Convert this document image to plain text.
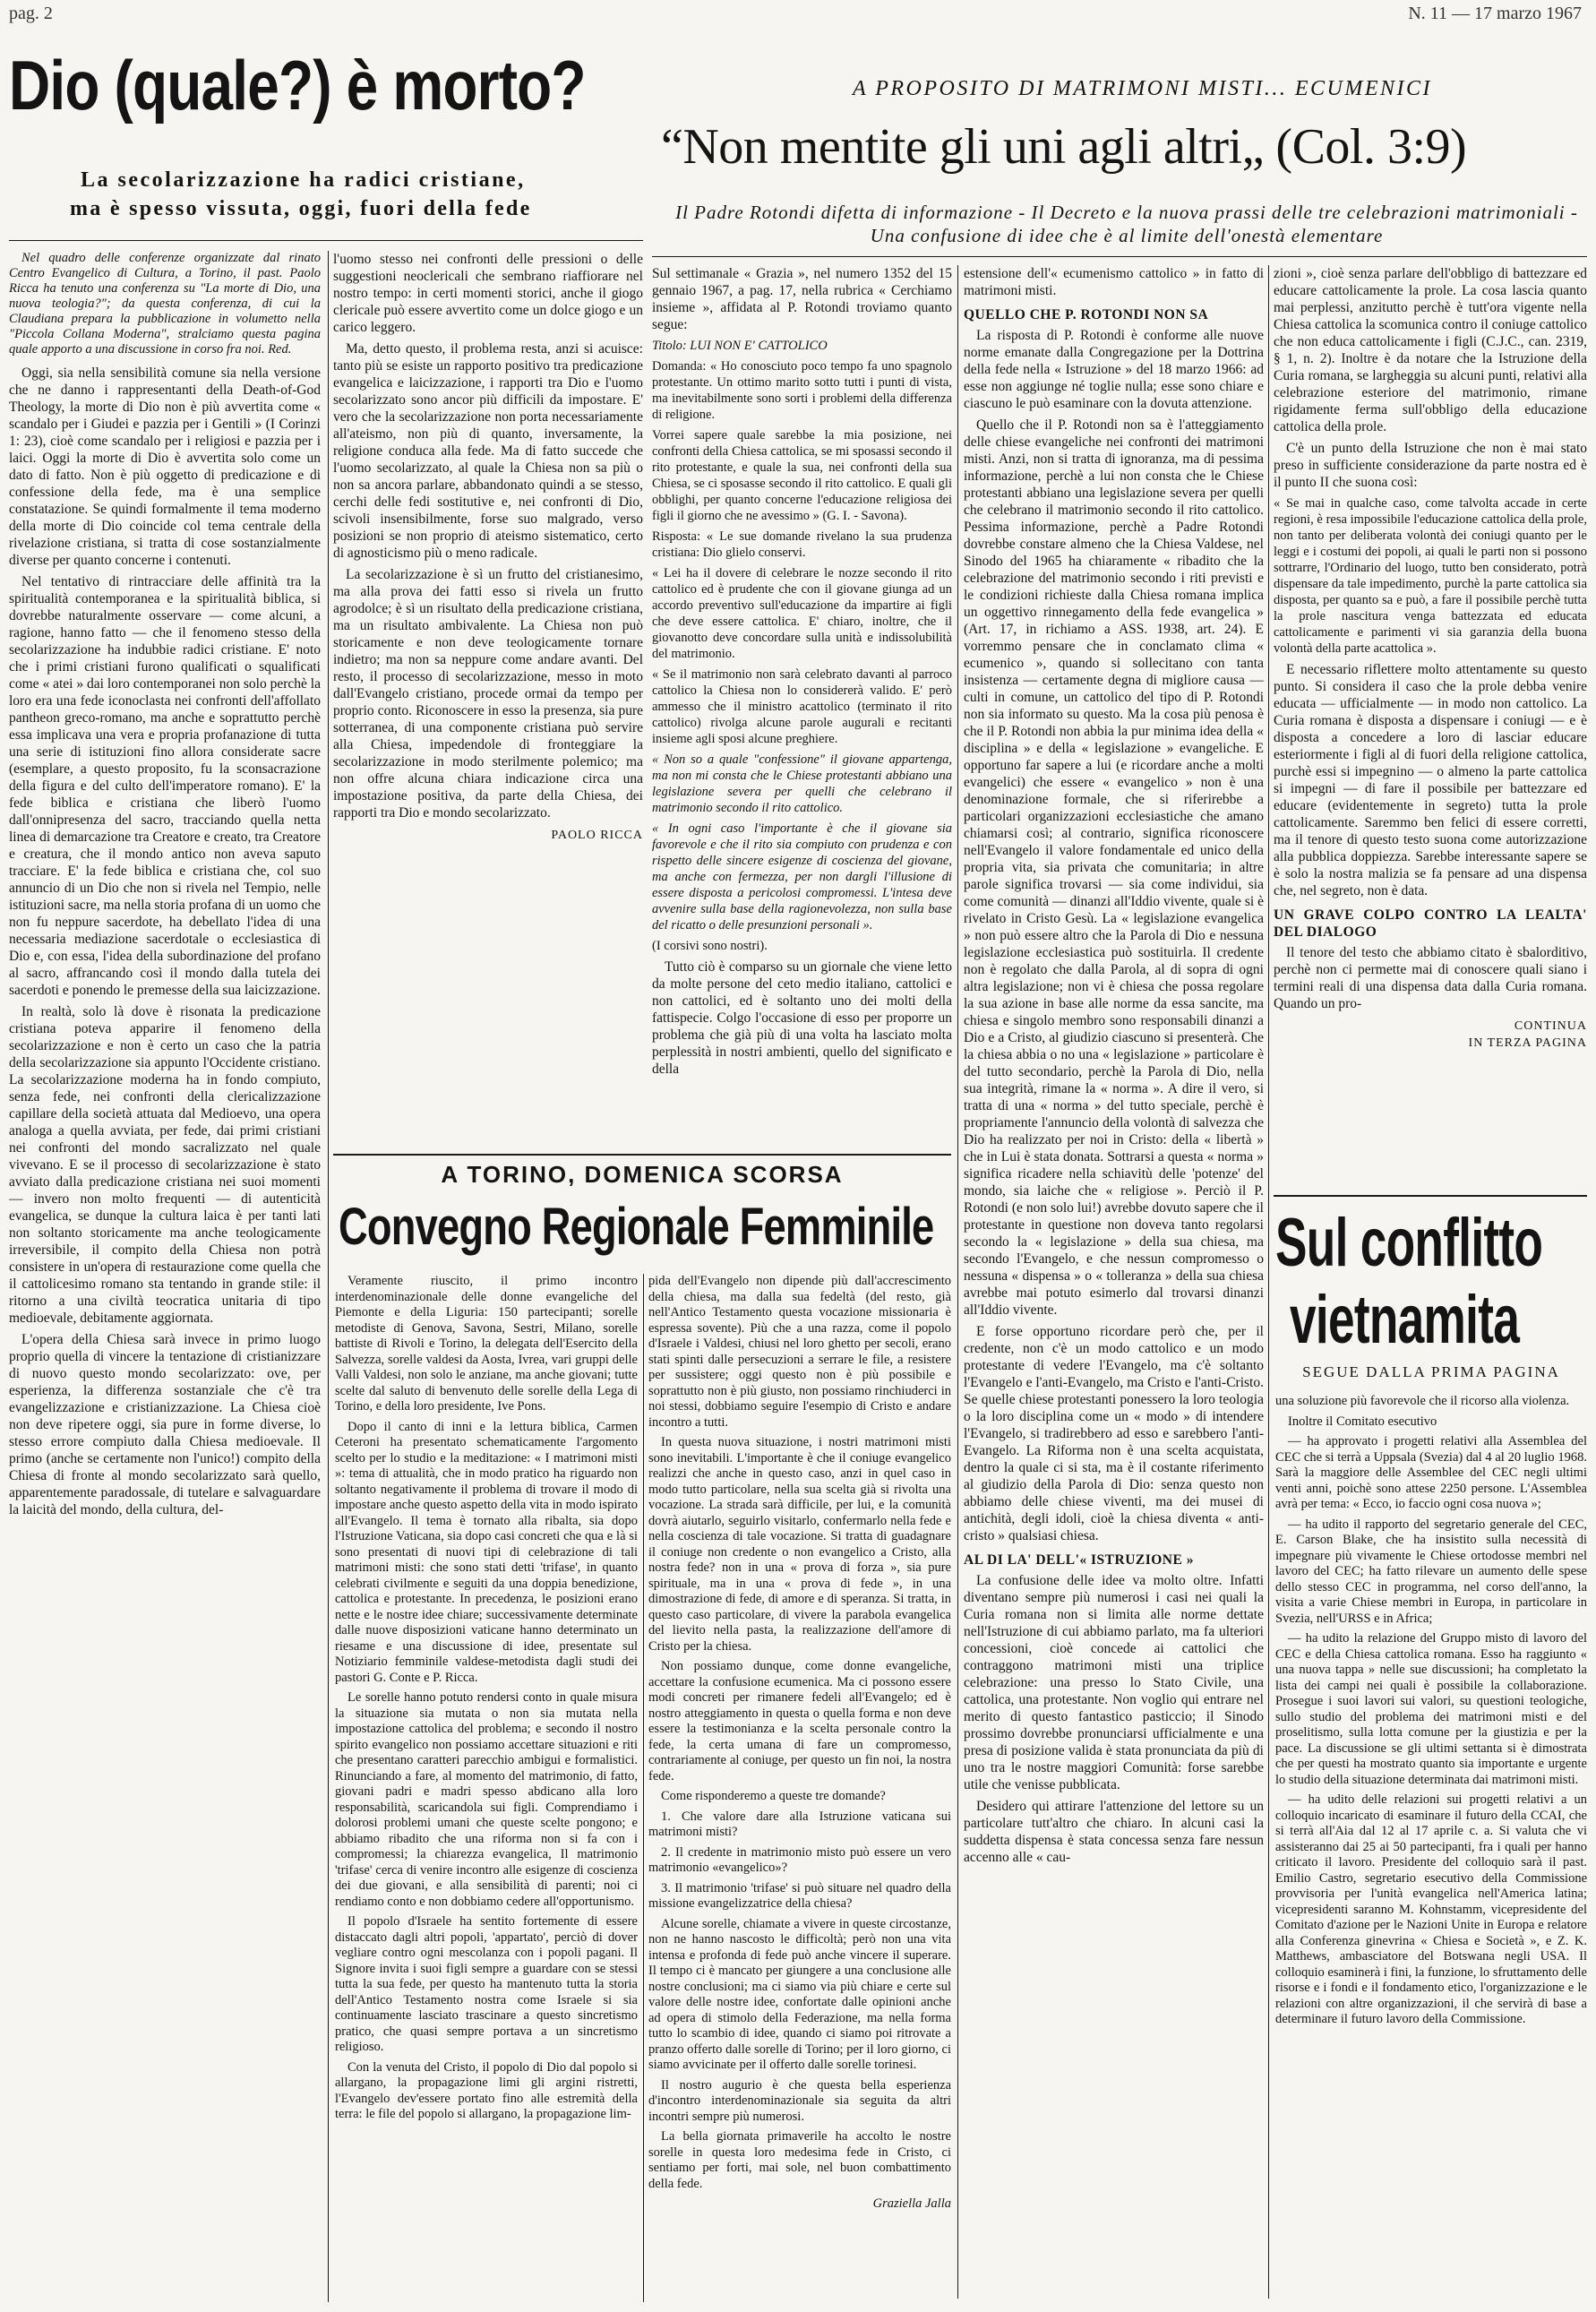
pag. 2	N. 11 — 17 marzo 1967
Dio (quale?) è morto?
La secolarizzazione ha radici cristiane,
ma è spesso vissuta, oggi, fuori della fede
Nel quadro delle conferenze organizzate dal rinato Centro Evangelico di Cultura, a Torino, il past. Paolo Ricca ha tenuto una conferenza su "La morte di Dio, una nuova teologia?"; da questa conferenza, di cui la Claudiana prepara la pubblicazione in volumetto nella "Piccola Collana Moderna", stralciamo questa pagina quale apporto a una discussione in corso fra noi. Red.

Oggi, sia nella sensibilità comune sia nella versione che ne danno i rappresentanti della Death-of-God Theology, la morte di Dio non è più avvertita come « scandalo per i Giudei e pazzia per i Gentili » (I Corinzi 1: 23), cioè come scandalo per i religiosi e pazzia per i laici. Oggi la morte di Dio è avvertita solo come un dato di fatto. Non è più oggetto di predicazione e di confessione della fede, ma è una semplice constatazione. Se quindi formalmente il tema moderno della morte di Dio coincide col tema centrale della rivelazione cristiana, si tratta di cose sostanzialmente diverse per quanto concerne i contenuti.

Nel tentativo di rintracciare delle affinità tra la spiritualità contemporanea e la spiritualità biblica, si dovrebbe naturalmente osservare — come alcuni, a ragione, hanno fatto — che il fenomeno stesso della secolarizzazione ha indubbie radici cristiane. E' noto che i primi cristiani furono qualificati o squalificati come « atei » dai loro contemporanei non solo perchè la loro era una fede iconoclasta nei confronti dell'affollato pantheon greco-romano, ma anche e soprattutto perchè essa implicava una vera e propria profanazione di tutta una serie di istituzioni fino allora considerate sacre (esemplare, a questo proposito, fu la sconsacrazione della figura e del culto dell'imperatore romano). E' la fede biblica e cristiana che liberò l'uomo dall'onnipresenza del sacro, tracciando quella netta linea di demarcazione tra Creatore e creato, tra Creatore e creatura, che il mondo antico non aveva saputo tracciare. E' la fede biblica e cristiana che, col suo annuncio di un Dio che non si rivela nel Tempio, nelle istituzioni sacre, ma nella storia profana di un uomo che non fu neppure sacerdote, ha debellato l'idea di una necessaria mediazione sacerdotale o ecclesiastica di Dio e, con essa, l'idea della subordinazione del profano al sacro, affrancando così il mondo dalla tutela dei sacerdoti e ponendo le premesse della sua laicizzazione.

In realtà, solo là dove è risonata la predicazione cristiana poteva apparire il fenomeno della secolarizzazione e non è certo un caso che la patria della secolarizzazione sia appunto l'Occidente cristiano. La secolarizzazione moderna ha in fondo compiuto, senza fede, nei confronti della clericalizzazione capillare della società attuata dal Medioevo, una opera analoga a quella avviata, per fede, dai primi cristiani nei confronti del mondo sacralizzato nel quale vivevano. E se il processo di secolarizzazione è stato avviato dalla predicazione cristiana nei suoi momenti — invero non molto frequenti — di autenticità evangelica, se dunque la cultura laica è per tanti lati non soltanto storicamente ma anche teologicamente irreversibile, il compito della Chiesa non potrà consistere in un'opera di restaurazione come quella che il cattolicesimo romano sta tentando in grande stile: il ritorno a una civiltà teocratica unitaria di tipo medioevale, debitamente aggiornata.

L'opera della Chiesa sarà invece in primo luogo proprio quella di vincere la tentazione di cristianizzare di nuovo questo mondo secolarizzato: ove, per esperienza, la differenza sostanziale che c'è tra evangelizzazione e cristianizzazione. La Chiesa cioè non deve ripetere oggi, sia pure in forme diverse, lo stesso errore compiuto dalla Chiesa medioevale. Il primo (anche se certamente non l'unico!) compito della Chiesa di fronte al mondo secolarizzato sarà quello, apparentemente paradossale, di tutelare e salvaguardare la laicità del mondo, della cultura, del-

l'uomo stesso nei confronti delle pressioni o delle suggestioni neoclericali che sembrano riaffiorare nel nostro tempo: in certi momenti storici, anche il giogo clericale può essere avvertito come un dolce giogo e un carico leggero.

Ma, detto questo, il problema resta, anzi si acuisce: tanto più se esiste un rapporto positivo tra predicazione evangelica e laicizzazione, i rapporti tra Dio e l'uomo secolarizzato sono ancor più difficili da impostare. E' vero che la secolarizzazione non porta necessariamente all'ateismo, non più di quanto, inversamente, la religione conduca alla fede. Ma di fatto succede che l'uomo secolarizzato, al quale la Chiesa non sa più o non sa ancora parlare, abbandonato quindi a se stesso, cerchi delle fedi sostitutive e, nei confronti di Dio, scivoli insensibilmente, forse suo malgrado, verso posizioni se non proprio di ateismo sistematico, certo di agnosticismo più o meno radicale.

La secolarizzazione è sì un frutto del cristianesimo, ma alla prova dei fatti esso si rivela un frutto agrodolce; è sì un risultato della predicazione cristiana, ma un risultato ambivalente. La Chiesa non può storicamente e non deve teologicamente tornare indietro; ma non sa neppure come andare avanti. Del resto, il processo di secolarizzazione, messo in moto dall'Evangelo cristiano, procede ormai da tempo per proprio conto. Riconoscere in esso la presenza, sia pure sotterranea, di una componente cristiana può servire alla Chiesa, impedendole di fronteggiare la secolarizzazione in modo sterilmente polemico; ma non offre alcuna chiara indicazione circa una impostazione positiva, da parte della Chiesa, dei rapporti tra Dio e mondo secolarizzato.

PAOLO RICCA
A PROPOSITO DI MATRIMONI MISTI... ECUMENICI
“Non mentite gli uni agli altri„ (Col. 3:9)
Il Padre Rotondi difetta di informazione - Il Decreto e la nuova prassi delle tre celebrazioni matrimoniali - Una confusione di idee che è al limite dell'onestà elementare

Sul settimanale « Grazia », nel numero 1352 del 15 gennaio 1967, a pag. 17, nella rubrica « Cerchiamo insieme », affidata al P. Rotondi troviamo quanto segue:

Titolo: LUI NON E' CATTOLICO
Domanda: « Ho conosciuto poco tempo fa uno spagnolo protestante. Un ottimo marito sotto tutti i punti di vista, ma inevitabilmente sono sorti i problemi della differenza di religione.
Vorrei sapere quale sarebbe la mia posizione, nei confronti della Chiesa cattolica, se mi sposassi secondo il rito protestante, e quale la sua, nei confronti della sua Chiesa, se ci sposasse secondo il rito cattolico. E quali gli obblighi, per quanto concerne l'educazione religiosa dei figli il giorno che ne avessimo » (G. I. - Savona).
Risposta: « Le sue domande rivelano la sua prudenza cristiana: Dio glielo conservi.
« Lei ha il dovere di celebrare le nozze secondo il rito cattolico ed è prudente che con il giovane giunga ad un accordo preventivo sull'educazione da impartire ai figli che deve essere cattolica. E' chiaro, inoltre, che il giovanotto deve concordare sulla unità e indissolubilità del matrimonio.
« Se il matrimonio non sarà celebrato davanti al parroco cattolico la Chiesa non lo considererà valido. E' però ammesso che il ministro acattolico (terminato il rito cattolico) rivolga alcune parole augurali e recitanti insieme agli sposi alcune preghiere.
« Non so a quale "confessione" il giovane appartenga, ma non mi consta che le Chiese protestanti abbiano una legislazione severa per quelli che celebrano il matrimonio secondo il rito cattolico.
« In ogni caso l'importante è che il giovane sia favorevole e che il rito sia compiuto con prudenza e con rispetto delle sincere esigenze di coscienza del giovane, ma anche con fermezza, per non dargli l'illusione di essere disposta a pericolosi compromessi. L'intesa deve avvenire sulla base della ragionevolezza, non sulla base del ricatto o delle presunzioni personali ».
(I corsivi sono nostri).

Tutto ciò è comparso su un giornale che viene letto da molte persone del ceto medio italiano, cattolici e non cattolici, ed è soltanto uno dei molti della fattispecie. Colgo l'occasione di esso per proporre un problema che già più di una volta ha lasciato molta perplessità in nostri ambienti, quello del significato e della

estensione dell'« ecumenismo cattolico » in fatto di matrimoni misti.

QUELLO CHE P. ROTONDI NON SA

La risposta di P. Rotondi è conforme alle nuove norme emanate dalla Congregazione per la Dottrina della fede nella « Istruzione » del 18 marzo 1966: ad esse non aggiunge né toglie nulla; esse sono chiare e ciascuno le può esaminare con la dovuta attenzione.

Quello che il P. Rotondi non sa è l'atteggiamento delle chiese evangeliche nei confronti dei matrimoni misti. Anzi, non si tratta di ignoranza, ma di pessima informazione, perchè a lui non consta che le Chiese protestanti abbiano una legislazione severa per quelli che celebrano il matrimonio secondo il rito cattolico. Pessima informazione, perchè a Padre Rotondi dovrebbe constare almeno che la Chiesa Valdese, nel Sinodo del 1965 ha chiaramente « ribadito che la celebrazione del matrimonio secondo i riti previsti e le condizioni richieste dalla Chiesa romana implica un oggettivo rinnegamento della fede evangelica » (Art. 17, in richiamo a ASS. 1938, art. 24). E vorremmo pensare che in conclamato clima « ecumenico », quando si sollecitano con tanta insistenza — certamente degna di migliore causa — culti in comune, un cattolico del tipo di P. Rotondi non sia informato su questo. Ma la cosa più penosa è che il P. Rotondi non abbia la pur minima idea della « disciplina » e della « legislazione » evangeliche. E opportuno far sapere a lui (e ricordare anche a molti evangelici) che essere « evangelico » non è una denominazione formale, che si riferirebbe a particolari organizzazioni ecclesiastiche che amano chiamarsi così; al contrario, significa riconoscere nell'Evangelo il valore fondamentale ed unico della propria vita, sia privata che comunitaria; in altre parole significa trovarsi — sia come individui, sia come comunità — dinanzi all'Iddio vivente, quale si è rivelato in Cristo Gesù. La « legislazione evangelica » non può essere altro che la Parola di Dio e nessuna legislazione ecclesiastica può sostituirla. Il credente non è regolato che dalla Parola, al di sopra di ogni altra legislazione; non vi è chiesa che possa regolare la sua azione in base alle norme da essa sancite, ma chiesa e singolo membro sono responsabili dinanzi a Dio e a Cristo, al giudizio ciascuno si presenterà. Che la chiesa abbia o no una « legislazione » particolare è del tutto secondario, perchè la Parola di Dio, nella sua integrità, rimane la « norma ». A dire il vero, si tratta di una « norma » del tutto speciale, perchè è propriamente l'annuncio della volontà di salvezza che Dio ha realizzato per noi in Cristo: della « libertà » che in Lui è stata donata. Sottrarsi a questa « norma » significa ricadere nella schiavitù delle 'potenze' del mondo, sia laiche che « religiose ». Perciò il P. Rotondi (e non solo lui!) avrebbe dovuto sapere che il protestante in questione non doveva tanto regolarsi secondo la « legislazione » della sua chiesa, ma secondo l'Evangelo, e che nessun compromesso o nessuna « dispensa » o « tolleranza » della sua chiesa avrebbe mai potuto esimerlo dal trovarsi dinanzi all'Iddio vivente.

E forse opportuno ricordare però che, per il credente, non c'è un modo cattolico e un modo protestante di vedere l'Evangelo, ma c'è soltanto l'Evangelo e l'anti-Evangelo, ma Cristo e l'anti-Cristo. Se quelle chiese protestanti ponessero la loro teologia o la loro disciplina come un « modo » di intendere l'Evangelo, si tradirebbero ad esso e sarebbero l'anti-Evangelo. La Riforma non è una scelta acquistata, dentro la quale ci si sta, ma è il costante riferimento al giudizio della Parola di Dio: senza questo non abbiamo delle chiese viventi, ma dei musei di antichità, degli idoli, cioè la chiesa diventa « anti-cristo » qualsiasi chiesa.

AL DI LA' DELL'« ISTRUZIONE »

La confusione delle idee va molto oltre. Infatti diventano sempre più numerosi i casi nei quali la Curia romana non si limita alle norme dettate nell'Istruzione di cui abbiamo parlato, ma fa ulteriori concessioni, cioè concede ai cattolici che contraggono matrimoni misti una triplice celebrazione: una presso lo Stato Civile, una cattolica, una protestante. Non voglio qui entrare nel merito di questo fantastico pasticcio; il Sinodo prossimo dovrebbe pronunciarsi ufficialmente e una presa di posizione valida è stata pronunciata da più di uno tra le nostre maggiori Comunità: forse sarebbe utile che venisse pubblicata.

Desidero qui attirare l'attenzione del lettore su un particolare tutt'altro che chiaro. In alcuni casi la suddetta dispensa è stata concessa senza fare nessun accenno alle « cau-

zioni », cioè senza parlare dell'obbligo di battezzare ed educare cattolicamente la prole. La cosa lascia quanto mai perplessi, anzitutto perchè è tutt'ora vigente nella Chiesa cattolica la scomunica contro il coniuge cattolico che non educa cattolicamente i figli (C.J.C., can. 2319, § 1, n. 2). Inoltre è da notare che la Istruzione della Curia romana, se largheggia su alcuni punti, relativi alla celebrazione esteriore del matrimonio, rimane rigidamente ferma sull'obbligo della educazione cattolica della prole.

C'è un punto della Istruzione che non è mai stato preso in sufficiente considerazione da parte nostra ed è il punto II che suona così:

« Se mai in qualche caso, come talvolta accade in certe regioni, è resa impossibile l'educazione cattolica della prole, non tanto per deliberata volontà dei coniugi quanto per le leggi e i costumi dei popoli, ai quali le parti non si possono sottrarre, l'Ordinario del luogo, tutto ben considerato, potrà dispensare da tale impedimento, purchè la parte cattolica sia disposta, per quanto sa e può, a fare il possibile perchè tutta la prole nascitura venga battezzata ed educata cattolicamente e parimenti vi sia garanzia della buona volontà della parte acattolica ».

E necessario riflettere molto attentamente su questo punto. Si considera il caso che la prole debba venire educata — ufficialmente — in modo non cattolico. La Curia romana è disposta a dispensare i coniugi — e è disposta a concedere a loro di lasciar educare esteriormente i figli al di fuori della religione cattolica, purchè essi si impegnino — o almeno la parte cattolica si impegni — di fare il possibile per battezzare ed educare (evidentemente in segreto) tutta la prole cattolicamente. Saremmo ben felici di essere corretti, ma il tenore di questo testo suona come autorizzazione alla pubblica doppiezza. Sarebbe interessante sapere se è solo la nostra malizia se fa pensare ad una dispensa che, nel segreto, non è data.

UN GRAVE COLPO CONTRO LA LEALTA' DEL DIALOGO

Il tenore del testo che abbiamo citato è sbalorditivo, perchè non ci permette mai di conoscere quali siano i termini reali di una dispensa data dalla Curia romana. Quando un pro-

CONTINUA
IN TERZA PAGINA
A TORINO, DOMENICA SCORSA
Convegno Regionale Femminile

Veramente riuscito, il primo incontro interdenominazionale delle donne evangeliche del Piemonte e della Liguria: 150 partecipanti; sorelle metodiste di Genova, Savona, Sestri, Milano, sorelle battiste di Rivoli e Torino, la delegata dell'Esercito della Salvezza, sorelle valdesi da Aosta, Ivrea, vari gruppi delle Valli Valdesi, non solo le anziane, ma anche giovani; tutte scelte dal saluto di benvenuto delle sorelle della Lega di Torino, e della loro presidente, Ive Pons.

Dopo il canto di inni e la lettura biblica, Carmen Ceteroni ha presentato schematicamente l'argomento scelto per lo studio e la meditazione: « I matrimoni misti »: tema di attualità, che in modo pratico ha riguardo non soltanto negativamente il problema di trovare il modo di impostare anche questo aspetto della vita in modo ispirato all'Evangelo. Il tema è tornato alla ribalta, sia dopo l'Istruzione Vaticana, sia dopo casi concreti che qua e là si sono presentati di nuovi tipi di celebrazione di tali matrimoni misti: che sono stati detti 'trifase', in quanto celebrati civilmente e seguiti da una doppia benedizione, cattolica e protestante. In precedenza, le posizioni erano nette e le nostre idee chiare; successivamente determinate dalle nuove disposizioni vaticane hanno determinato un riesame e una discussione di idee, presentate sul Notiziario femminile valdese-metodista dagli studi dei pastori G. Conte e P. Ricca.

Le sorelle hanno potuto rendersi conto in quale misura la situazione sia mutata o non sia mutata nella impostazione cattolica del problema; e secondo il nostro spirito evangelico non possiamo accettare situazioni e riti che presentano caratteri parecchio ambigui e formalistici. Rinunciando a fare, al momento del matrimonio, di fatto, giovani padri e madri spesso abdicano alla loro responsabilità, scaricandola sui figli. Comprendiamo i dolorosi problemi umani che queste scelte pongono; e abbiamo ribadito che una riforma non si fa con i compromessi; la chiarezza evangelica, Il matrimonio 'trifase' cerca di venire incontro alle esigenze di coscienza dei due giovani, e alla sensibilità di parenti; noi ci rendiamo conto e non dobbiamo cedere all'opportunismo.

Il popolo d'Israele ha sentito fortemente di essere distaccato dagli altri popoli, 'appartato', perciò di dover vegliare contro ogni mescolanza con i popoli pagani. Il Signore invita i suoi figli sempre a guardare con se stessi tutta la sua fede, per questo ha mantenuto tutta la storia dell'Antico Testamento nostra come Israele si sia continuamente lasciato trascinare a questo sincretismo pratico, che quasi sempre portava a un sincretismo religioso.

Con la venuta del Cristo, il popolo di Dio dal popolo si allargano, la propagazione limi gli argini ristretti, l'Evangelo dev'essere portato fino alle estremità della terra: le file del popolo si allargano, la propagazione lim-

pida dell'Evangelo non dipende più dall'accrescimento della chiesa, ma dalla sua fedeltà (del resto, già nell'Antico Testamento questa vocazione missionaria è espressa sovente). Più che a una razza, come il popolo d'Israele i Valdesi, chiusi nel loro ghetto per secoli, erano stati spinti dalle persecuzioni a serrare le file, a resistere per sussistere; oggi questo non è più possibile e soprattutto non è più giusto, non possiamo rinchiuderci in noi stessi, dobbiamo seguire l'esempio di Cristo e andare incontro a tutti.

In questa nuova situazione, i nostri matrimoni misti sono inevitabili. L'importante è che il coniuge evangelico realizzi che anche in questo caso, anzi in quel caso in modo tutto particolare, nella sua scelta già si rivolta una vocazione. La strada sarà difficile, per lui, e la comunità dovrà aiutarlo, seguirlo visitarlo, confermarlo nella fede e nella coscienza di tale vocazione. Si tratta di guadagnare il coniuge non credente o non evangelico a Cristo, alla nostra fede? non in una « prova di forza », sia pure spirituale, ma in una « prova di fede », in una dimostrazione di fede, di amore e di speranza. Si tratta, in questo caso particolare, di vivere la parabola evangelica del lievito nella pasta, la realizzazione dell'amore di Cristo per la chiesa.

Non possiamo dunque, come donne evangeliche, accettare la confusione ecumenica. Ma ci possono essere modi concreti per rimanere fedeli all'Evangelo; ed è nostro atteggiamento in questa o quella forma e non deve essere la testimonianza e la scelta personale contro la fede, la certa umana di fare un compromesso, contrariamente al coniuge, per questo un fin noi, la nostra fede.

Come risponderemo a queste tre domande?

1. Che valore dare alla Istruzione vaticana sui matrimoni misti?

2. Il credente in matrimonio misto può essere un vero matrimonio «evangelico»?

3. Il matrimonio 'trifase' si può situare nel quadro della missione evangelizzatrice della chiesa?

Alcune sorelle, chiamate a vivere in queste circostanze, non ne hanno nascosto le difficoltà; però non una vita intensa e profonda di fede può anche vincere il superare. Il tempo ci è mancato per giungere a una conclusione alle nostre conclusioni; ma ci siamo via più chiare e certe sul valore delle nostre idee, confortate dalle opinioni anche ad opera di stimolo della Federazione, ma nella forma tutto lo scambio di idee, quando ci siamo poi ritrovate a pranzo offerto dalle sorelle di Torino; per il loro giorno, ci siamo avvicinate per il offerto dalle sorelle torinesi.

Il nostro augurio è che questa bella esperienza d'incontro interdenominazionale sia seguita da altri incontri sempre più numerosi.

La bella giornata primaverile ha accolto le nostre sorelle in questa loro medesima fede in Cristo, ci sentiamo per forti, mai sole, nel buon combattimento della fede.

Graziella Jalla
Sul conflitto
vietnamita
SEGUE DALLA PRIMA PAGINA

una soluzione più favorevole che il ricorso alla violenza.

Inoltre il Comitato esecutivo

— ha approvato i progetti relativi alla Assemblea del CEC che si terrà a Uppsala (Svezia) dal 4 al 20 luglio 1968. Sarà la maggiore delle Assemblee del CEC negli ultimi venti anni, poichè sono attese 2250 persone. L'Assemblea avrà per tema: « Ecco, io faccio ogni cosa nuova »;

— ha udito il rapporto del segretario generale del CEC, E. Carson Blake, che ha insistito sulla necessità di impegnare più vivamente le Chiese ortodosse membri nel lavoro del CEC; ha fatto rilevare un aumento delle spese dello stesso CEC in programma, nel corso dell'anno, la visita a varie Chiese membri in Europa, in particolare in Svezia, nell'URSS e in Africa;

— ha udito la relazione del Gruppo misto di lavoro del CEC e della Chiesa cattolica romana. Esso ha raggiunto « una nuova tappa » nelle sue discussioni; ha completato la lista dei campi nei quali è possibile la collaborazione. Prosegue i suoi lavori sui valori, su questioni teologiche, sullo studio del problema dei matrimoni misti e del proselitismo, sulla lotta comune per la giustizia e per la pace. La discussione se gli ultimi settanta si è dimostrata che per questi ha mostrato quanto sia importante e urgente lo studio della situazione determinata dai matrimoni misti.

— ha udito delle relazioni sui progetti relativi a un colloquio incaricato di esaminare il futuro della CCAI, che si terrà all'Aia dal 12 al 17 aprile c. a. Si valuta che vi assisteranno dai 25 ai 50 partecipanti, fra i quali per hanno criticato il lavoro. Presidente del colloquio sarà il past. Emilio Castro, segretario esecutivo della Commissione provvisoria per l'unità evangelica nell'America latina; vicepresidenti saranno M. Kohnstamm, vicepresidente del Comitato d'azione per le Nazioni Unite in Europa e relatore alla Conferenza ginevrina « Chiesa e Società », e Z. K. Matthews, ambasciatore del Botswana negli USA. Il colloquio esaminerà i fini, la funzione, lo sfruttamento delle risorse e i fondi e il fondamento etico, l'organizzazione e le relazioni con altre organizzazioni, il che servirà di base a determinare il futuro lavoro della Commissione.
